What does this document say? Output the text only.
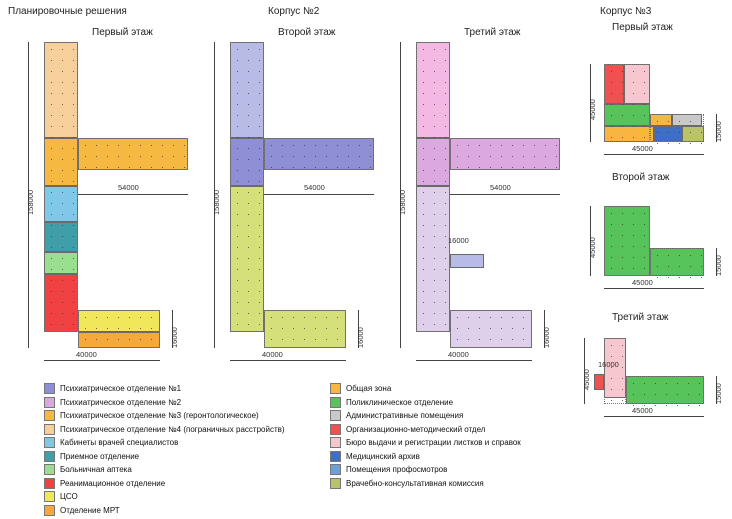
Планировочные решения	Корпус №2	Корпус №3
Первый этаж
158000
54000
40000
16000
Второй этаж
158000
54000
40000
16000
Третий этаж
158000
54000
16000
40000
16000
Первый этаж
45000
45000
15000
Второй этаж
45000
45000
15000
Третий этаж
45000
16000
45000
15000
Психиатрическое отделение №1
Психиатрическое отделение №2
Психиатрическое отделение №3 (геронтологическое)
Психиатрическое отделение №4 (пограничных расстройств)
Кабинеты врачей специалистов
Приемное отделение
Больничная аптека
Реанимационное отделение
ЦСО
Отделение МРТ
Общая зона
Поликлиническое отделение
Административные помещения
Организационно-методический отдел
Бюро выдачи и регистрации листков и справок
Медицинский архив
Помещения профосмотров
Врачебно-консультативная комиссия
